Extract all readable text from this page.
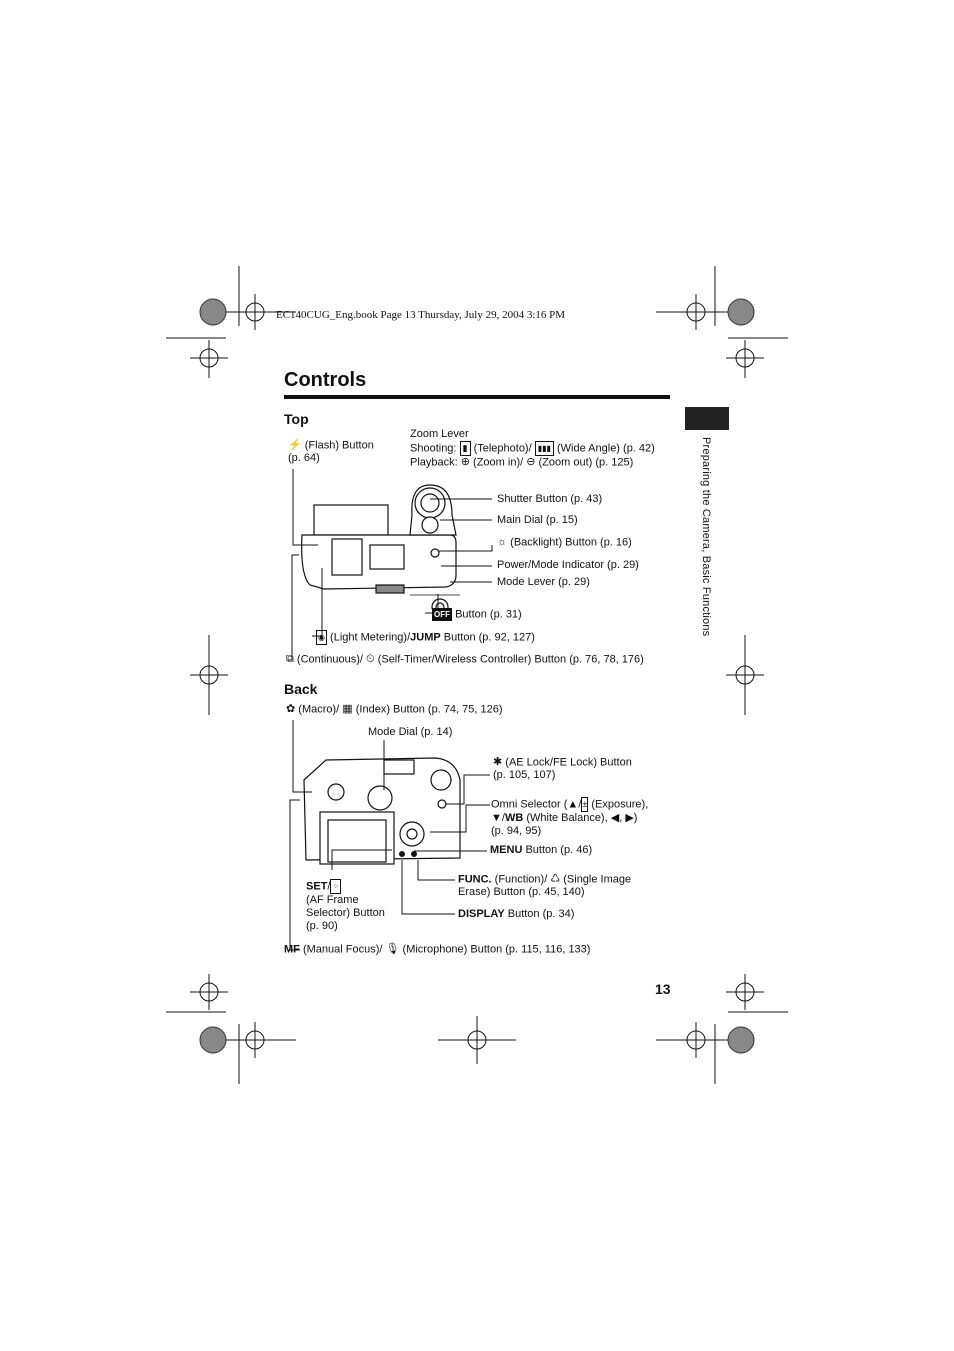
EC140CUG_Eng.book Page 13 Thursday, July 29, 2004 3:16 PM
Controls
Preparing the Camera, Basic Functions
Top
⚡ (Flash) Button
(p. 64)
Zoom Lever
Shooting: ▮ (Telephoto)/ ▮▮▮ (Wide Angle) (p. 42)
Playback: ⊕ (Zoom in)/ ⊖ (Zoom out) (p. 125)
Shutter Button (p. 43)
Main Dial (p. 15)
☼ (Backlight) Button (p. 16)
Power/Mode Indicator (p. 29)
Mode Lever (p. 29)
OFF Button (p. 31)
◉ (Light Metering)/JUMP Button (p. 92, 127)
⧉ (Continuous)/ ⏲ (Self-Timer/Wireless Controller) Button (p. 76, 78, 176)
Back
✿ (Macro)/ ▦ (Index) Button (p. 74, 75, 126)
Mode Dial (p. 14)
✱ (AE Lock/FE Lock) Button
(p. 105, 107)
Omni Selector (▲/± (Exposure),
▼/WB (White Balance), ◀, ▶)
(p. 94, 95)
MENU Button (p. 46)
FUNC. (Function)/ ♺ (Single Image
Erase) Button (p. 45, 140)
SET/ ⁘
(AF Frame
Selector) Button
(p. 90)
DISPLAY Button (p. 34)
MF (Manual Focus)/ 🎙 (Microphone) Button (p. 115, 116, 133)
13
